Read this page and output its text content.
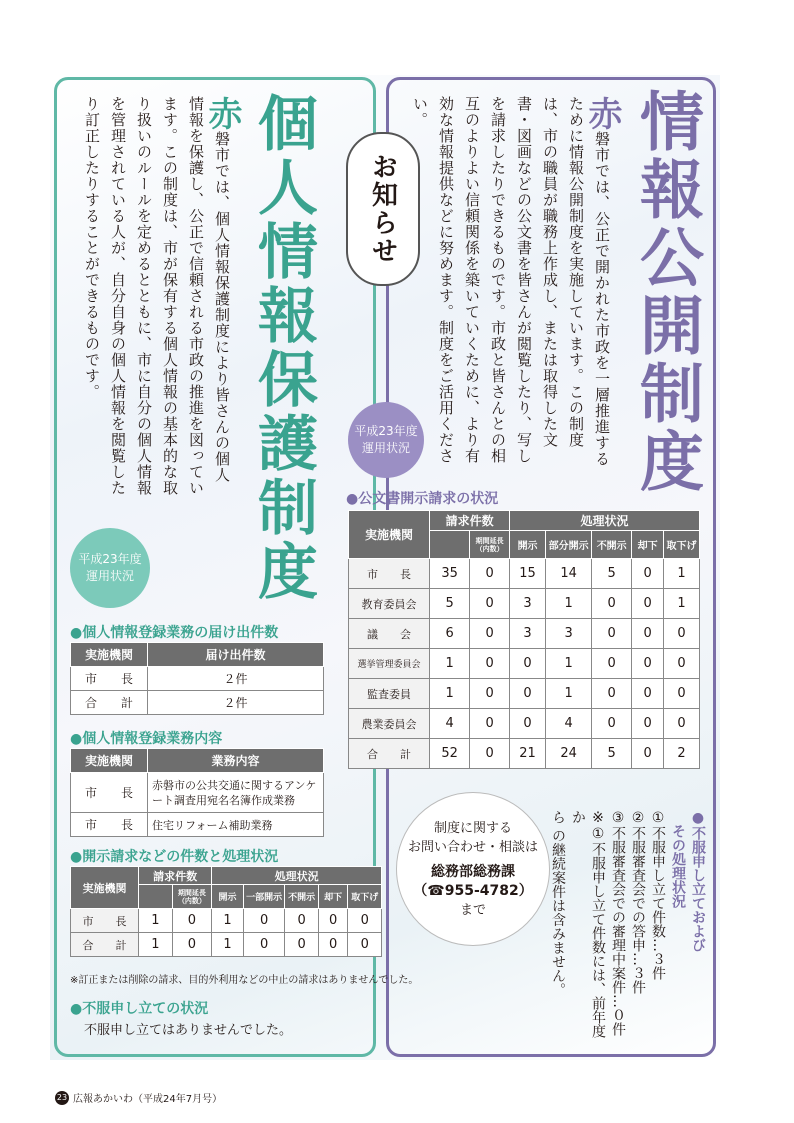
お知らせ	情報公開制度
赤磐市では、公正で開かれた市政を一層推進するために情報公開制度を実施しています。この制度は、市の職員が職務上作成し、または取得した文書・図画などの公文書を皆さんが閲覧したり、写しを請求したりできるものです。市政と皆さんとの相互のよりよい信頼関係を築いていくために、より有効な情報提供などに努めます。制度をご活用ください。
平成23年度
運用状況
●公文書開示請求の状況
実施機関	請求件数		処理状況				

		期間延長
（内数）	開示	部分開示	不開示	却下	取下げ
市　　長	35	0	15	14	5	0	1
教育委員会	5	0	3	1	0	0	1
議　　会	6	0	3	3	0	0	0
選挙管理委員会	1	0	0	1	0	0	0
監査委員	1	0	0	1	0	0	0
農業委員会	4	0	0	4	0	0	0
合　　計	52	0	21	24	5	0	2
制度に関する
お問い合わせ・相談は
総務部総務課
（☎955-4782）
まで	●不服申し立ておよび
その処理状況
①不服申し立て件数…３件
②不服審査会での答申…３件
③不服審査会での審理中案件…０件
※①不服申し立て件数には、前年度か
ら の継続案件は含みません。
個人情報保護制度
赤磐市では、個人情報保護制度により皆さんの個人情報を保護し、公正で信頼される市政の推進を図っています。この制度は、市が保有する個人情報の基本的な取り扱いのルールを定めるとともに、市に自分の個人情報を管理されている人が、自分自身の個人情報を閲覧したり訂正したりすることができるものです。
平成23年度
運用状況
●個人情報登録業務の届け出件数
実施機関	届け出件数
市　　長	２件
合　　計	２件
●個人情報登録業務内容
実施機関	業務内容
市　　長	赤磐市の公共交通に関するアンケート調査用宛名名簿作成業務
市　　長	住宅リフォーム補助業務
●開示請求などの件数と処理状況
実施機関	請求件数		処理状況				

		期間延長
（内数）	開示	一部開示	不開示	却下	取下げ
市　　長	1	0	1	0	0	0	0
合　　計	1	0	1	0	0	0	0
※訂正または削除の請求、目的外利用などの中止の請求はありませんでした。
●不服申し立ての状況
不服申し立てはありませんでした。
23 広報あかいわ（平成24年7月号）
